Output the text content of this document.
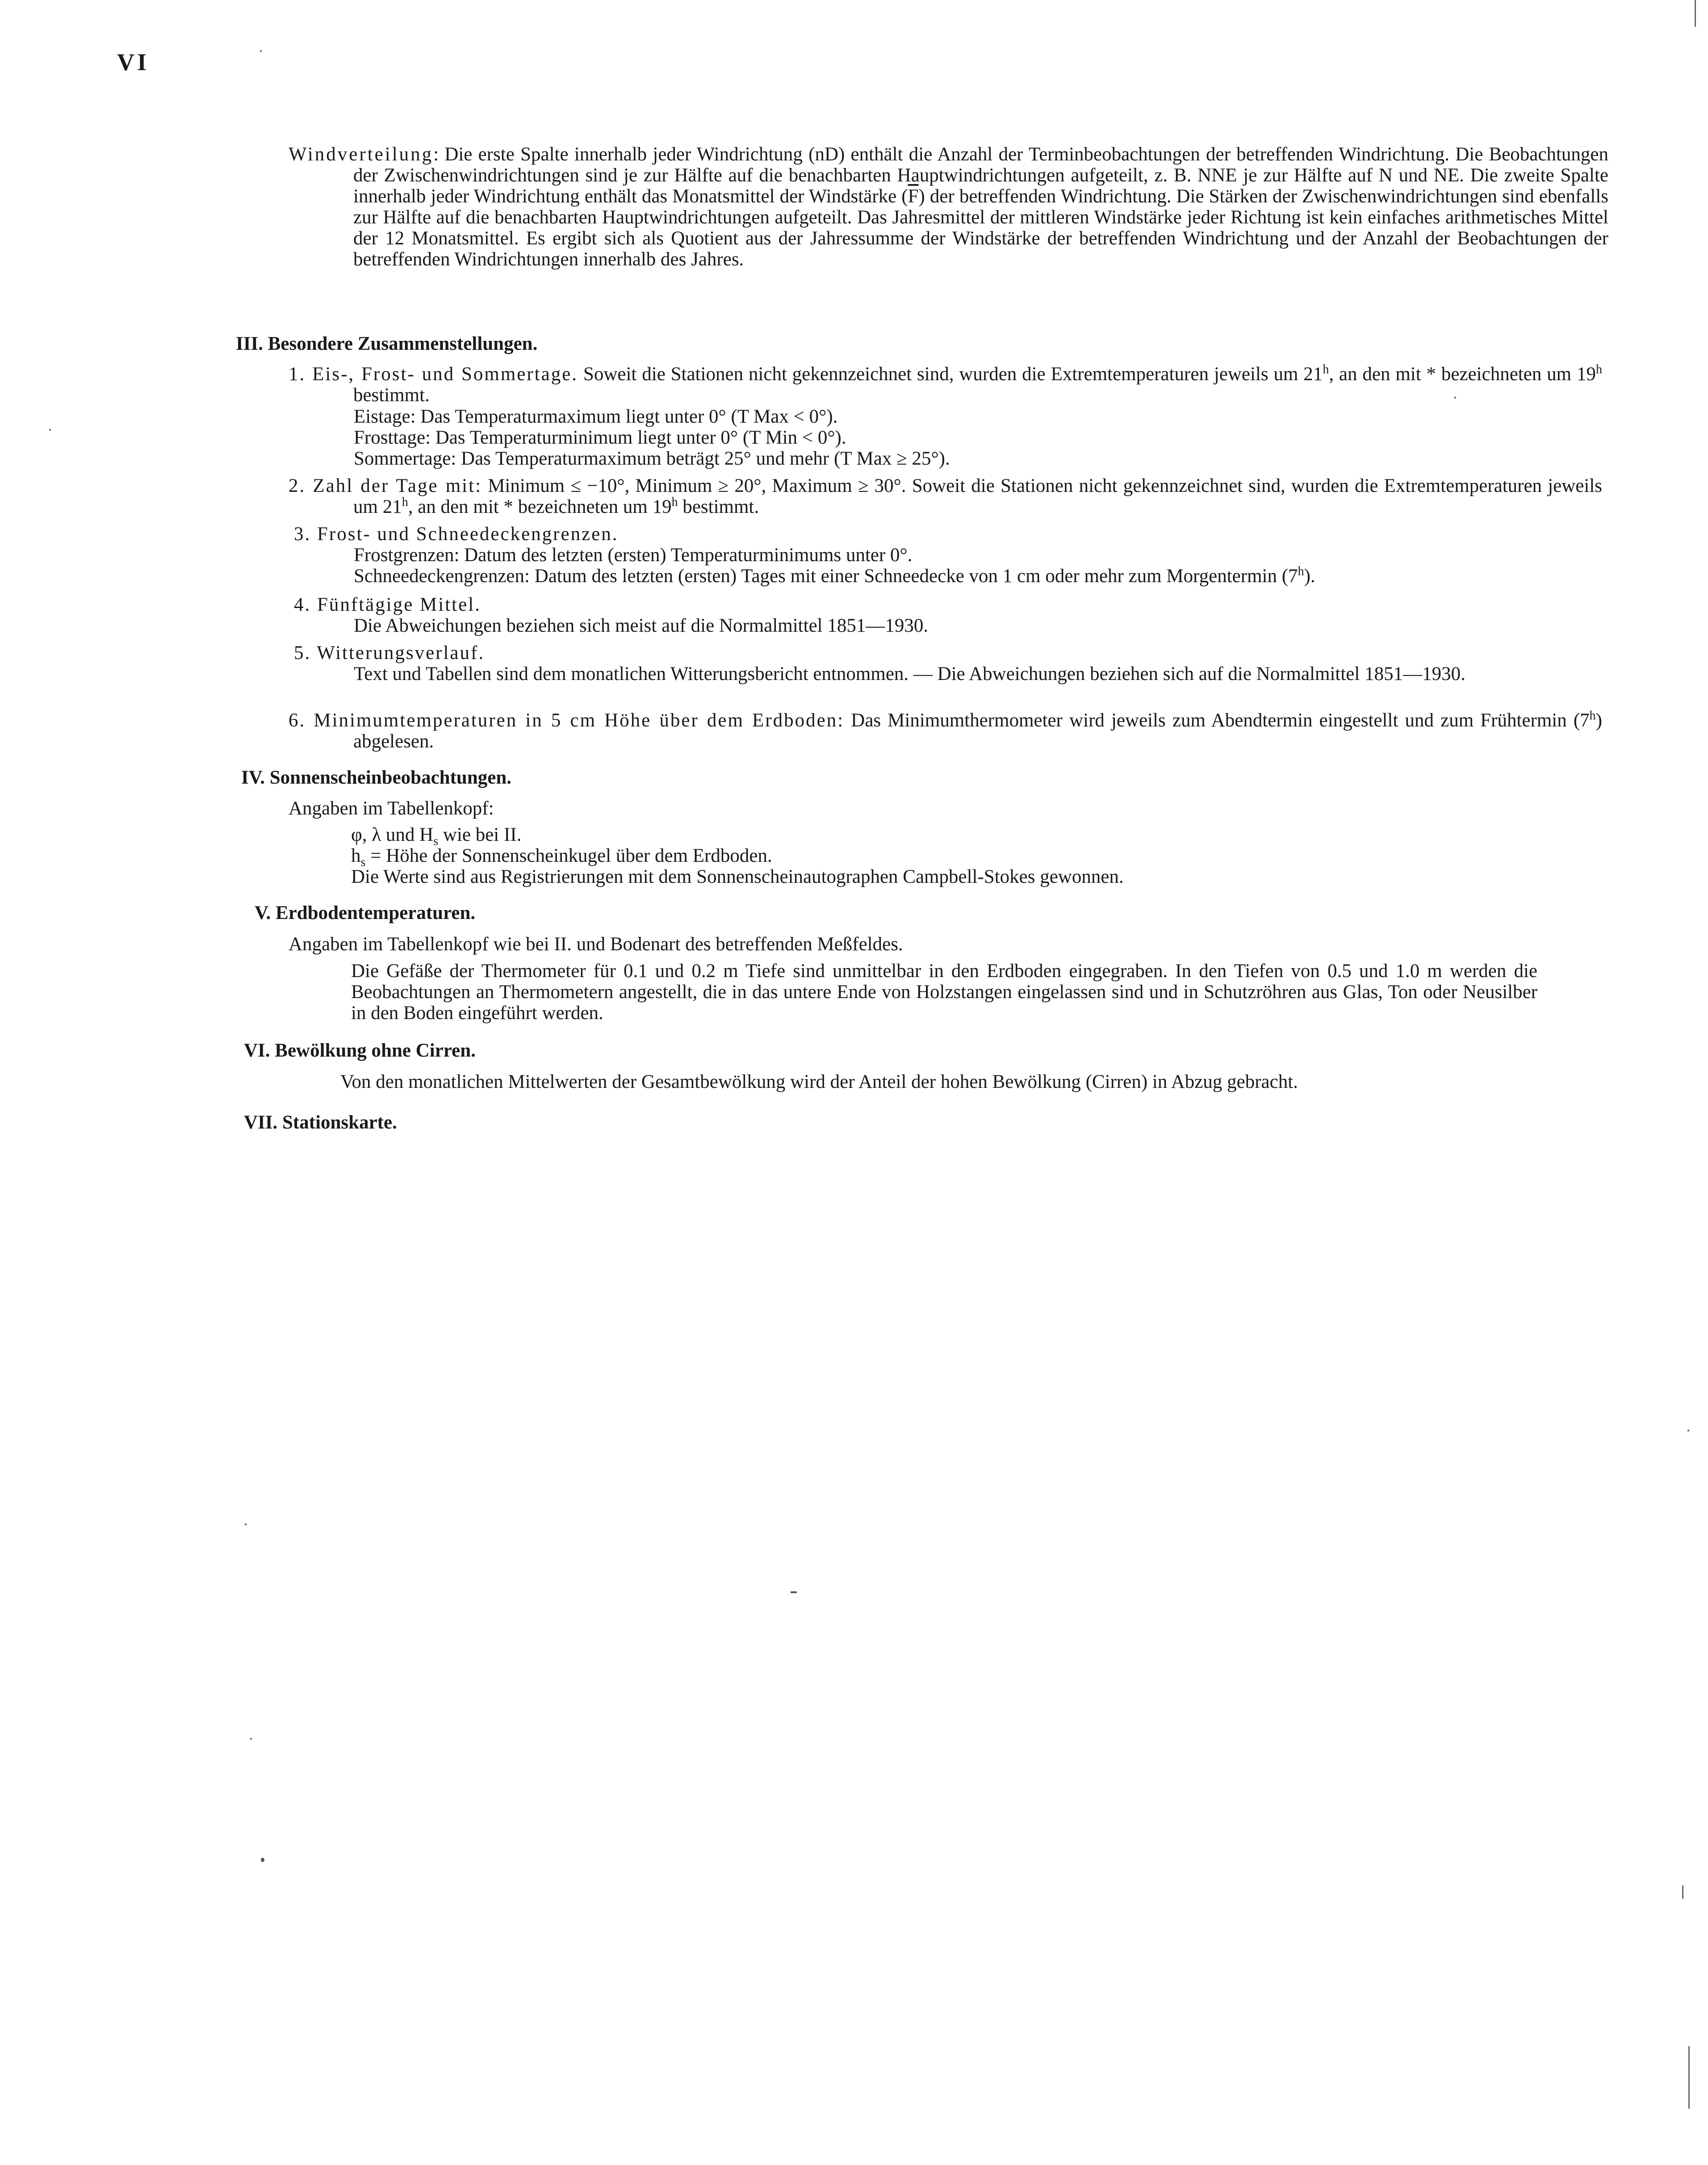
VI
Windverteilung: Die erste Spalte innerhalb jeder Windrichtung (nD) enthält die Anzahl der Terminbeobachtungen der betreffenden Windrichtung. Die Beobachtungen der Zwischenwindrichtungen sind je zur Hälfte auf die benachbarten Hauptwindrichtungen aufgeteilt, z. B. NNE je zur Hälfte auf N und NE. Die zweite Spalte innerhalb jeder Windrichtung enthält das Monatsmittel der Windstärke $(\overline{F})$ der betreffenden Windrichtung. Die Stärken der Zwischenwindrichtungen sind ebenfalls zur Hälfte auf die benachbarten Hauptwindrichtungen aufgeteilt. Das Jahresmittel der mittleren Windstärke jeder Richtung ist kein einfaches arithmetisches Mittel der 12 Monatsmittel. Es ergibt sich als Quotient aus der Jahressumme der Windstärke der betreffenden Windrichtung und der Anzahl der Beobachtungen der betreffenden Windrichtungen innerhalb des Jahres.
III. Besondere Zusammenstellungen.
1. Eis-, Frost- und Sommertage. Soweit die Stationen nicht gekennzeichnet sind, wurden die Extremtemperaturen jeweils um 21$^h$, an den mit * bezeichneten um 19$^h$ bestimmt.
Eistage: Das Temperaturmaximum liegt unter 0° (T Max < 0°).
Frosttage: Das Temperaturminimum liegt unter 0° (T Min < 0°).
Sommertage: Das Temperaturmaximum beträgt 25° und mehr (T Max ≥ 25°).
2. Zahl der Tage mit: Minimum ≤ −10°, Minimum ≥ 20°, Maximum ≥ 30°. Soweit die Stationen nicht gekennzeichnet sind, wurden die Extremtemperaturen jeweils um 21$^h$, an den mit * bezeichneten um 19$^h$ bestimmt.
3. Frost- und Schneedeckengrenzen.
Frostgrenzen: Datum des letzten (ersten) Temperaturminimums unter 0°.
Schneedeckengrenzen: Datum des letzten (ersten) Tages mit einer Schneedecke von 1 cm oder mehr zum Morgentermin (7$^h$).
4. Fünftägige Mittel.
Die Abweichungen beziehen sich meist auf die Normalmittel 1851—1930.
5. Witterungsverlauf.
Text und Tabellen sind dem monatlichen Witterungsbericht entnommen. — Die Abweichungen beziehen sich auf die Normalmittel 1851—1930.
6. Minimumtemperaturen in 5 cm Höhe über dem Erdboden: Das Minimumthermometer wird jeweils zum Abendtermin eingestellt und zum Frühtermin (7$^h$) abgelesen.
IV. Sonnenscheinbeobachtungen.
Angaben im Tabellenkopf:
φ, λ und $H_s$ wie bei II.
$h_s$ = Höhe der Sonnenscheinkugel über dem Erdboden.
Die Werte sind aus Registrierungen mit dem Sonnenscheinautographen Campbell-Stokes gewonnen.
V. Erdbodentemperaturen.
Angaben im Tabellenkopf wie bei II. und Bodenart des betreffenden Meßfeldes.
Die Gefäße der Thermometer für 0.1 und 0.2 m Tiefe sind unmittelbar in den Erdboden eingegraben. In den Tiefen von 0.5 und 1.0 m werden die Beobachtungen an Thermometern angestellt, die in das untere Ende von Holzstangen eingelassen sind und in Schutzröhren aus Glas, Ton oder Neusilber in den Boden eingeführt werden.
VI. Bewölkung ohne Cirren.
Von den monatlichen Mittelwerten der Gesamtbewölkung wird der Anteil der hohen Bewölkung (Cirren) in Abzug gebracht.
VII. Stationskarte.
